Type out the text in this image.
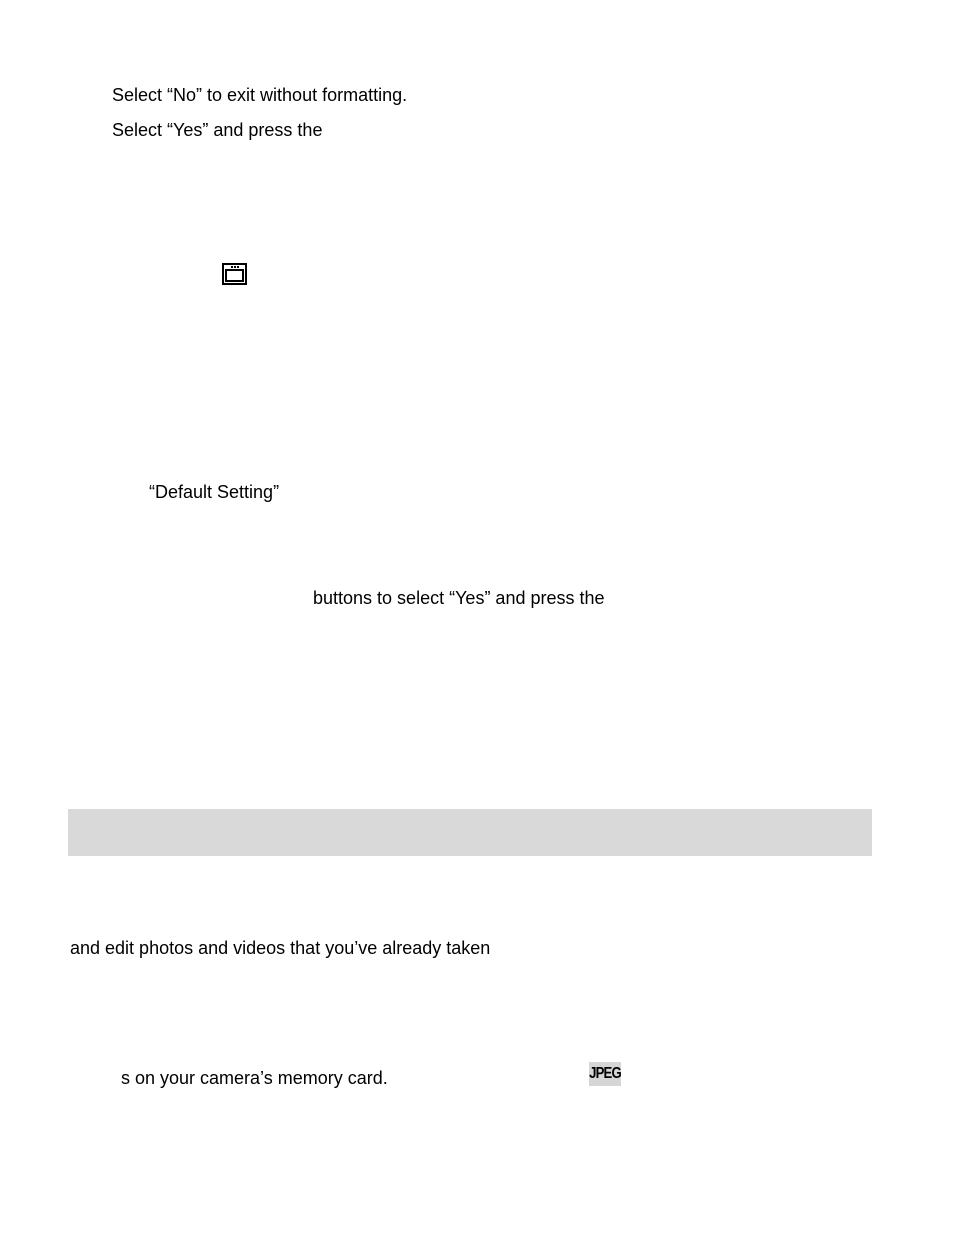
Select “No” to exit without formatting.

Select “Yes” and press the

“Default Setting”

buttons to select “Yes” and press the

and edit photos and videos that you’ve already taken

s on your camera’s memory card.	JPEG
